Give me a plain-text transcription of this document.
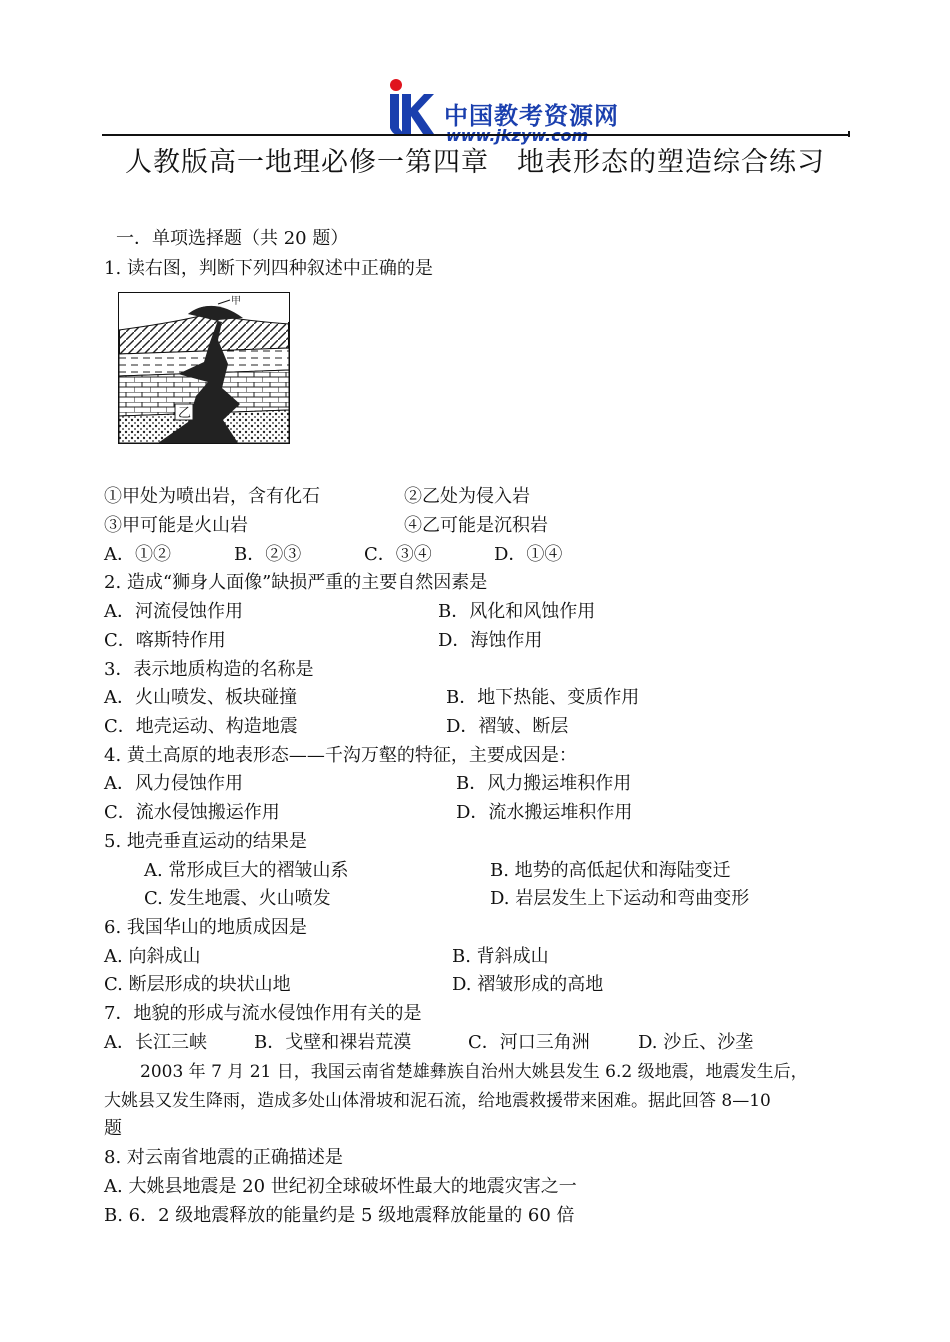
中国教考资源网
人教版高一地理必修一第四章　地表形态的塑造综合练习
一．单项选择题（共 20 题）
1. 读右图，判断下列四种叙述中正确的是
甲
乙
①甲处为喷出岩，含有化石	②乙处为侵入岩
③甲可能是火山岩	④乙可能是沉积岩
A．①②	B．②③	C．③④	D．①④
2. 造成“狮身人面像”缺损严重的主要自然因素是
A．河流侵蚀作用	B．风化和风蚀作用
C．喀斯特作用	D．海蚀作用
3．表示地质构造的名称是
A．火山喷发、板块碰撞	B．地下热能、变质作用
C．地壳运动、构造地震	D．褶皱、断层
4. 黄土高原的地表形态——千沟万壑的特征，主要成因是：
A．风力侵蚀作用	B．风力搬运堆积作用
C．流水侵蚀搬运作用	D．流水搬运堆积作用
5. 地壳垂直运动的结果是
A. 常形成巨大的褶皱山系	B. 地势的高低起伏和海陆变迁
C. 发生地震、火山喷发	D. 岩层发生上下运动和弯曲变形
6. 我国华山的地质成因是
A. 向斜成山	B. 背斜成山
C. 断层形成的块状山地	D. 褶皱形成的高地
7．地貌的形成与流水侵蚀作用有关的是
A．长江三峡	B．戈壁和裸岩荒漠	C．河口三角洲	D. 沙丘、沙垄
2003 年 7 月 21 日，我国云南省楚雄彝族自治州大姚县发生 6.2 级地震，地震发生后，
大姚县又发生降雨，造成多处山体滑坡和泥石流，给地震救援带来困难。据此回答 8—10
题
8. 对云南省地震的正确描述是
A. 大姚县地震是 20 世纪初全球破坏性最大的地震灾害之一
B. 6．2 级地震释放的能量约是 5 级地震释放能量的 60 倍
